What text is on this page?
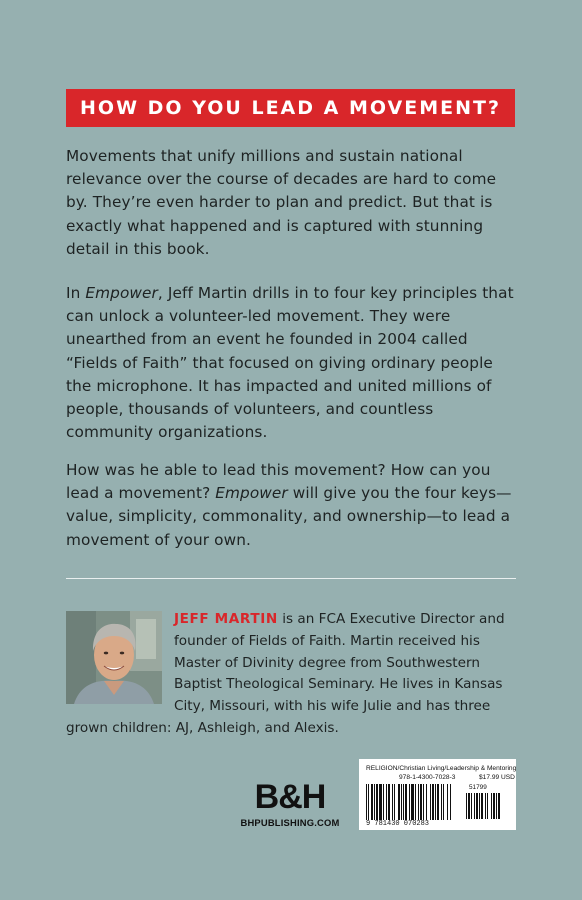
HOW DO YOU LEAD A MOVEMENT?

Movements that unify millions and sustain national relevance over the course of decades are hard to come by. They’re even harder to plan and predict. But that is exactly what happened and is captured with stunning detail in this book.

In Empower, Jeff Martin drills in to four key principles that can unlock a volunteer-led movement. They were unearthed from an event he founded in 2004 called “Fields of Faith” that focused on giving ordinary people the microphone. It has impacted and united millions of people, thousands of volunteers, and countless community organizations.

How was he able to lead this movement? How can you lead a movement? Empower will give you the four keys—value, simplicity, commonality, and ownership—to lead a movement of your own.

JEFF MARTIN is an FCA Executive Director and founder of Fields of Faith. Martin received his Master of Divinity degree from Southwestern Baptist Theological Seminary. He lives in Kansas City, Missouri, with his wife Julie and has three grown children: AJ, Ashleigh, and Alexis.

B&H
BHPUBLISHING.COM
RELIGION/Christian Living/Leadership & Mentoring
978-1-4300-7028-3	$17.99 USD
51799
9 781430 070283
